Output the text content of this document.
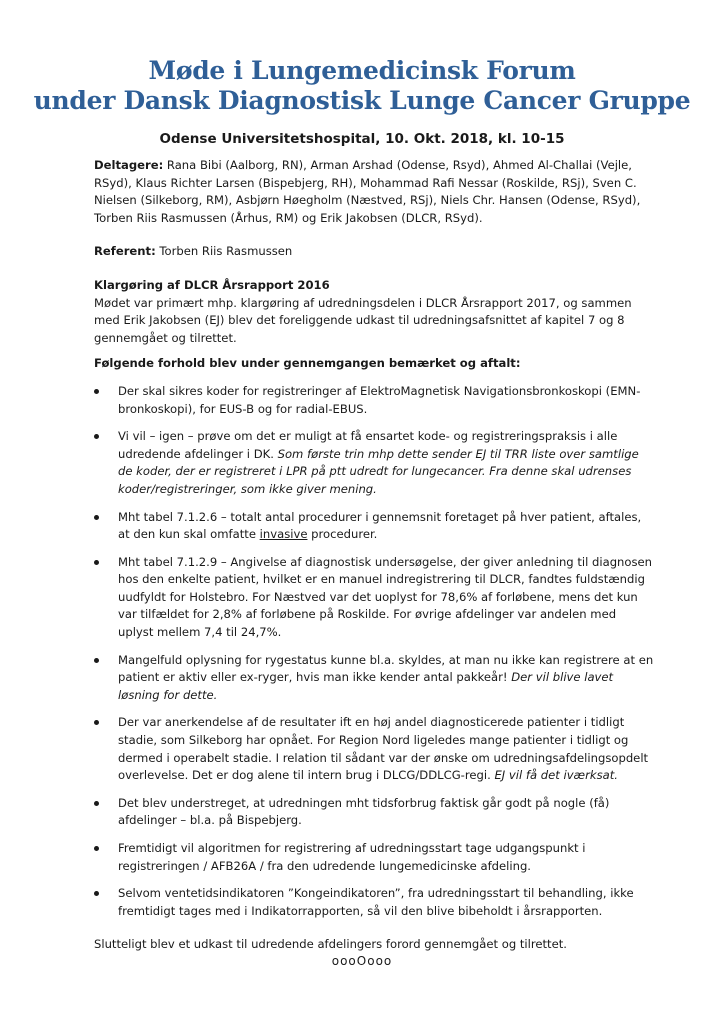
Møde i Lungemedicinsk Forum
under Dansk Diagnostisk Lunge Cancer Gruppe

Odense Universitetshospital, 10. Okt. 2018, kl. 10-15

Deltagere: Rana Bibi (Aalborg, RN), Arman Arshad (Odense, Rsyd), Ahmed Al-Challai (Vejle, RSyd), Klaus Richter Larsen (Bispebjerg, RH), Mohammad Rafi Nessar (Roskilde, RSj), Sven C. Nielsen (Silkeborg, RM), Asbjørn Høegholm (Næstved, RSj), Niels Chr. Hansen (Odense, RSyd), Torben Riis Rasmussen (Århus, RM) og Erik Jakobsen (DLCR, RSyd).

Referent: Torben Riis Rasmussen

Klargøring af DLCR Årsrapport 2016

Mødet var primært mhp. klargøring af udredningsdelen i DLCR Årsrapport 2017, og sammen med Erik Jakobsen (EJ) blev det foreliggende udkast til udredningsafsnittet af kapitel 7 og 8 gennemgået og tilrettet.

Følgende forhold blev under gennemgangen bemærket og aftalt:

Der skal sikres koder for registreringer af ElektroMagnetisk Navigationsbronkoskopi (EMN-bronkoskopi), for EUS-B og for radial-EBUS.
Vi vil – igen – prøve om det er muligt at få ensartet kode- og registreringspraksis i alle udredende afdelinger i DK. Som første trin mhp dette sender EJ til TRR liste over samtlige de koder, der er registreret i LPR på ptt udredt for lungecancer. Fra denne skal udrenses koder/registreringer, som ikke giver mening.
Mht tabel 7.1.2.6 – totalt antal procedurer i gennemsnit foretaget på hver patient, aftales, at den kun skal omfatte invasive procedurer.
Mht tabel 7.1.2.9 – Angivelse af diagnostisk undersøgelse, der giver anledning til diagnosen hos den enkelte patient, hvilket er en manuel indregistrering til DLCR, fandtes fuldstændig uudfyldt for Holstebro. For Næstved var det uoplyst for 78,6% af forløbene, mens det kun var tilfældet for 2,8% af forløbene på Roskilde. For øvrige afdelinger var andelen med uplyst mellem 7,4 til 24,7%.
Mangelfuld oplysning for rygestatus kunne bl.a. skyldes, at man nu ikke kan registrere at en patient er aktiv eller ex-ryger, hvis man ikke kender antal pakkeår! Der vil blive lavet løsning for dette.
Der var anerkendelse af de resultater ift en høj andel diagnosticerede patienter i tidligt stadie, som Silkeborg har opnået. For Region Nord ligeledes mange patienter i tidligt og dermed i operabelt stadie. I relation til sådant var der ønske om udredningsafdelingsopdelt overlevelse. Det er dog alene til intern brug i DLCG/DDLCG-regi. EJ vil få det iværksat.
Det blev understreget, at udredningen mht tidsforbrug faktisk går godt på nogle (få) afdelinger – bl.a. på Bispebjerg.
Fremtidigt vil algoritmen for registrering af udredningsstart tage udgangspunkt i registreringen / AFB26A / fra den udredende lungemedicinske afdeling.
Selvom ventetidsindikatoren ”Kongeindikatoren”, fra udredningsstart til behandling, ikke fremtidigt tages med i Indikatorrapporten, så vil den blive bibeholdt i årsrapporten.

Slutteligt blev et udkast til udredende afdelingers forord gennemgået og tilrettet.

oooOooo
